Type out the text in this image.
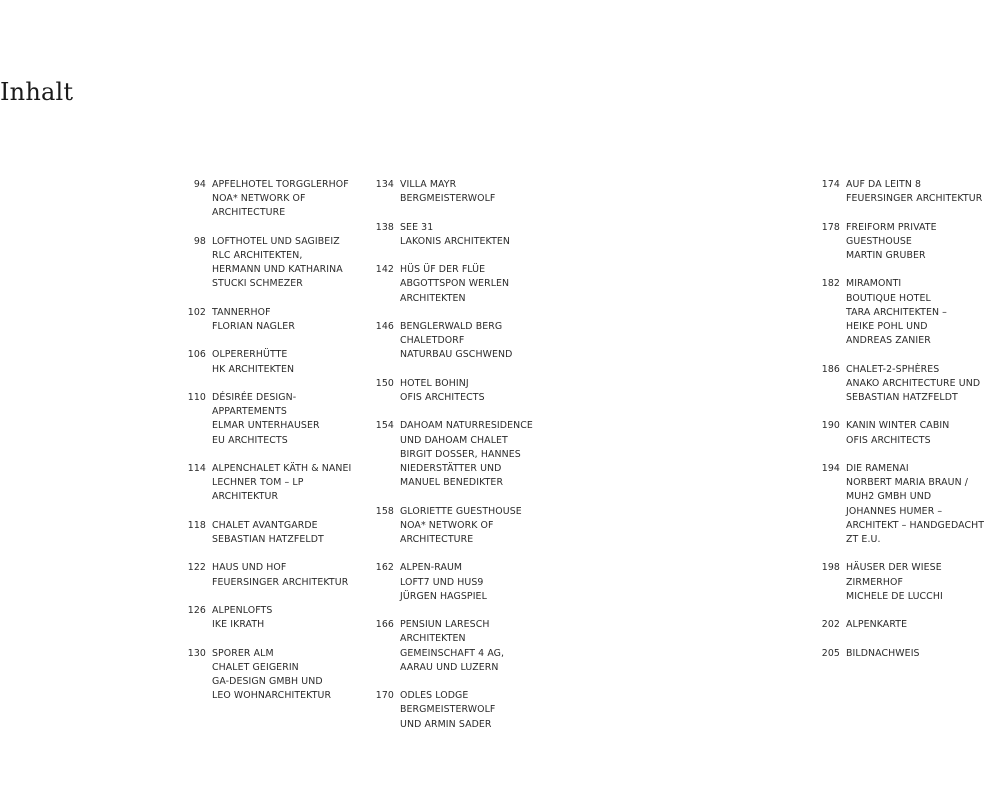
Inhalt
94 APFELHOTEL TORGGLERHOF
NOA* NETWORK OF
ARCHITECTURE
98 LOFTHOTEL UND SAGIBEIZ
RLC ARCHITEKTEN,
HERMANN UND KATHARINA
STUCKI SCHMEZER
102 TANNERHOF
FLORIAN NAGLER
106 OLPERERHÜTTE
HK ARCHITEKTEN
110 DÉSIRÉE DESIGN-
APPARTEMENTS
ELMAR UNTERHAUSER
EU ARCHITECTS
114 ALPENCHALET KÄTH & NANEI
LECHNER TOM – LP
ARCHITEKTUR
118 CHALET AVANTGARDE
SEBASTIAN HATZFELDT
122 HAUS UND HOF
FEUERSINGER ARCHITEKTUR
126 ALPENLOFTS
IKE IKRATH
130 SPORER ALM
CHALET GEIGERIN
GA-DESIGN GMBH UND
LEO WOHNARCHITEKTUR
134 VILLA MAYR
BERGMEISTERWOLF
138 SEE 31
LAKONIS ARCHITEKTEN
142 HÜS ÜF DER FLÜE
ABGOTTSPON WERLEN
ARCHITEKTEN
146 BENGLERWALD BERG
CHALETDORF
NATURBAU GSCHWEND
150 HOTEL BOHINJ
OFIS ARCHITECTS
154 DAHOAM NATURRESIDENCE
UND DAHOAM CHALET
BIRGIT DOSSER, HANNES
NIEDERSTÄTTER UND
MANUEL BENEDIKTER
158 GLORIETTE GUESTHOUSE
NOA* NETWORK OF
ARCHITECTURE
162 ALPEN-RAUM
LOFT7 UND HUS9
JÜRGEN HAGSPIEL
166 PENSIUN LARESCH
ARCHITEKTEN
GEMEINSCHAFT 4 AG,
AARAU UND LUZERN
170 ODLES LODGE
BERGMEISTERWOLF
UND ARMIN SADER
174 AUF DA LEITN 8
FEUERSINGER ARCHITEKTUR
178 FREIFORM PRIVATE
GUESTHOUSE
MARTIN GRUBER
182 MIRAMONTI
BOUTIQUE HOTEL
TARA ARCHITEKTEN –
HEIKE POHL UND
ANDREAS ZANIER
186 CHALET-2-SPHÈRES
ANAKO ARCHITECTURE UND
SEBASTIAN HATZFELDT
190 KANIN WINTER CABIN
OFIS ARCHITECTS
194 DIE RAMENAI
NORBERT MARIA BRAUN /
MUH2 GMBH UND
JOHANNES HUMER –
ARCHITEKT – HANDGEDACHT
ZT E.U.
198 HÄUSER DER WIESE
ZIRMERHOF
MICHELE DE LUCCHI
202 ALPENKARTE
205 BILDNACHWEIS
